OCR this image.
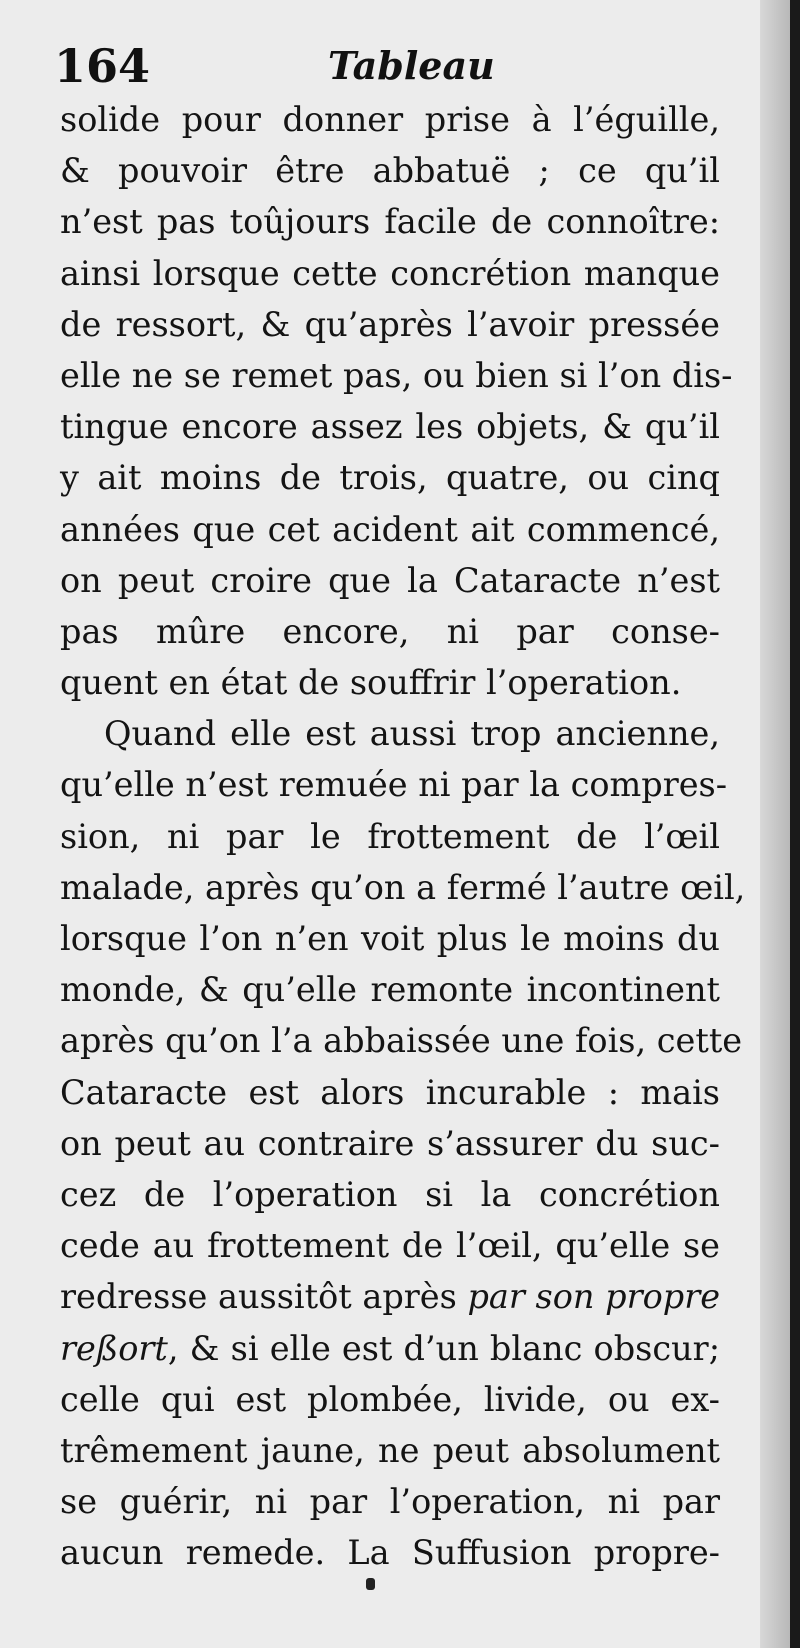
164	Tableau
solide pour donner prise à l’éguille,
& pouvoir être abbatuë ; ce qu’il
n’est pas toûjours facile de connoître:
ainsi lorsque cette concrétion manque
de ressort, & qu’après l’avoir pressée
elle ne se remet pas, ou bien si l’on dis-
tingue encore assez les objets, & qu’il
y ait moins de trois, quatre, ou cinq
années que cet acident ait commencé,
on peut croire que la Cataracte n’est
pas mûre encore, ni par conse-
quent en état de souffrir l’operation.
Quand elle est aussi trop ancienne,
qu’elle n’est remuée ni par la compres-
sion, ni par le frottement de l’œil
malade, après qu’on a fermé l’autre œil,
lorsque l’on n’en voit plus le moins du
monde, & qu’elle remonte incontinent
après qu’on l’a abbaissée une fois, cette
Cataracte est alors incurable : mais
on peut au contraire s’assurer du suc-
cez de l’operation si la concrétion
cede au frottement de l’œil, qu’elle se
redresse aussitôt après par son propre
reßort, & si elle est d’un blanc obscur;
celle qui est plombée, livide, ou ex-
trêmement jaune, ne peut absolument
se guérir, ni par l’operation, ni par
aucun remede. La Suffusion propre-
